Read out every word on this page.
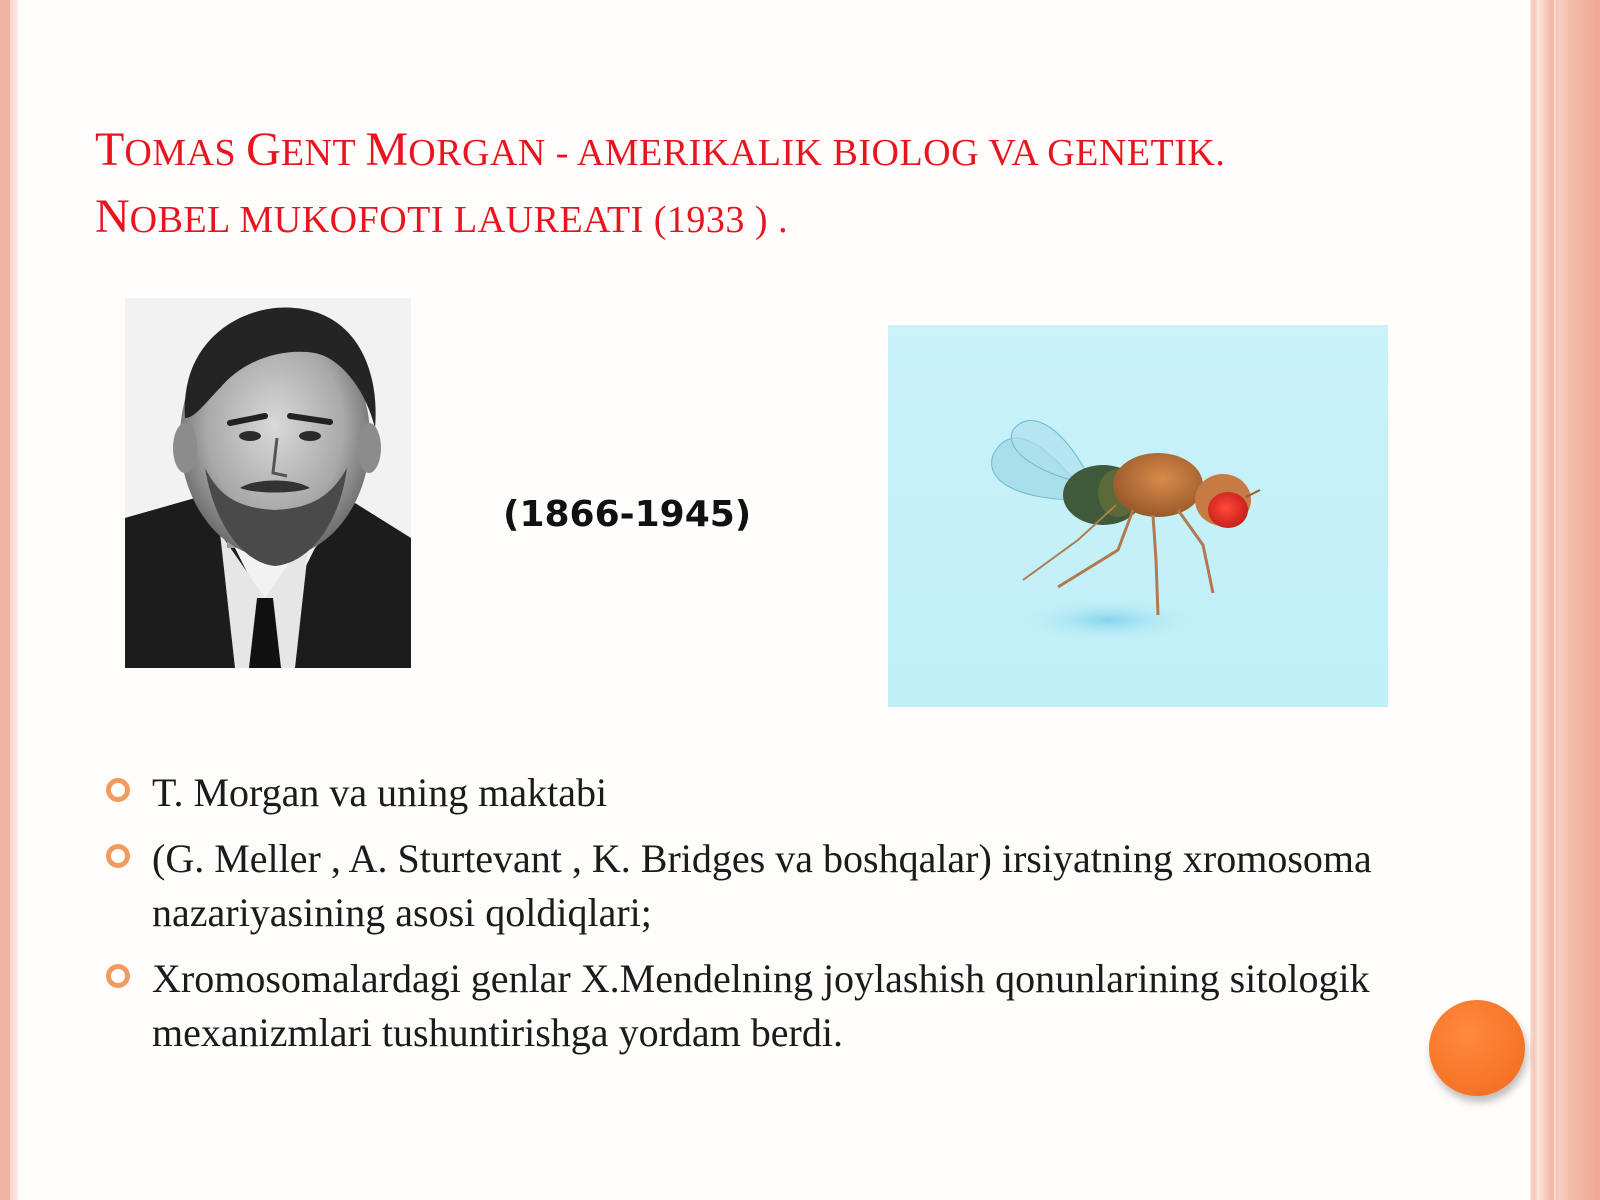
TOMAS GENT MORGAN - AMERIKALIK BIOLOG VA GENETIK.
NOBEL MUKOFOTI LAUREATI (1933 ) .
(1866-1945)
T. Morgan va uning maktabi
(G. Meller , A. Sturtevant , K. Bridges va boshqalar) irsiyatning xromosoma nazariyasining asosi qoldiqlari;
Xromosomalardagi genlar X.Mendelning joylashish qonunlarining sitologik mexanizmlari tushuntirishga yordam berdi.
